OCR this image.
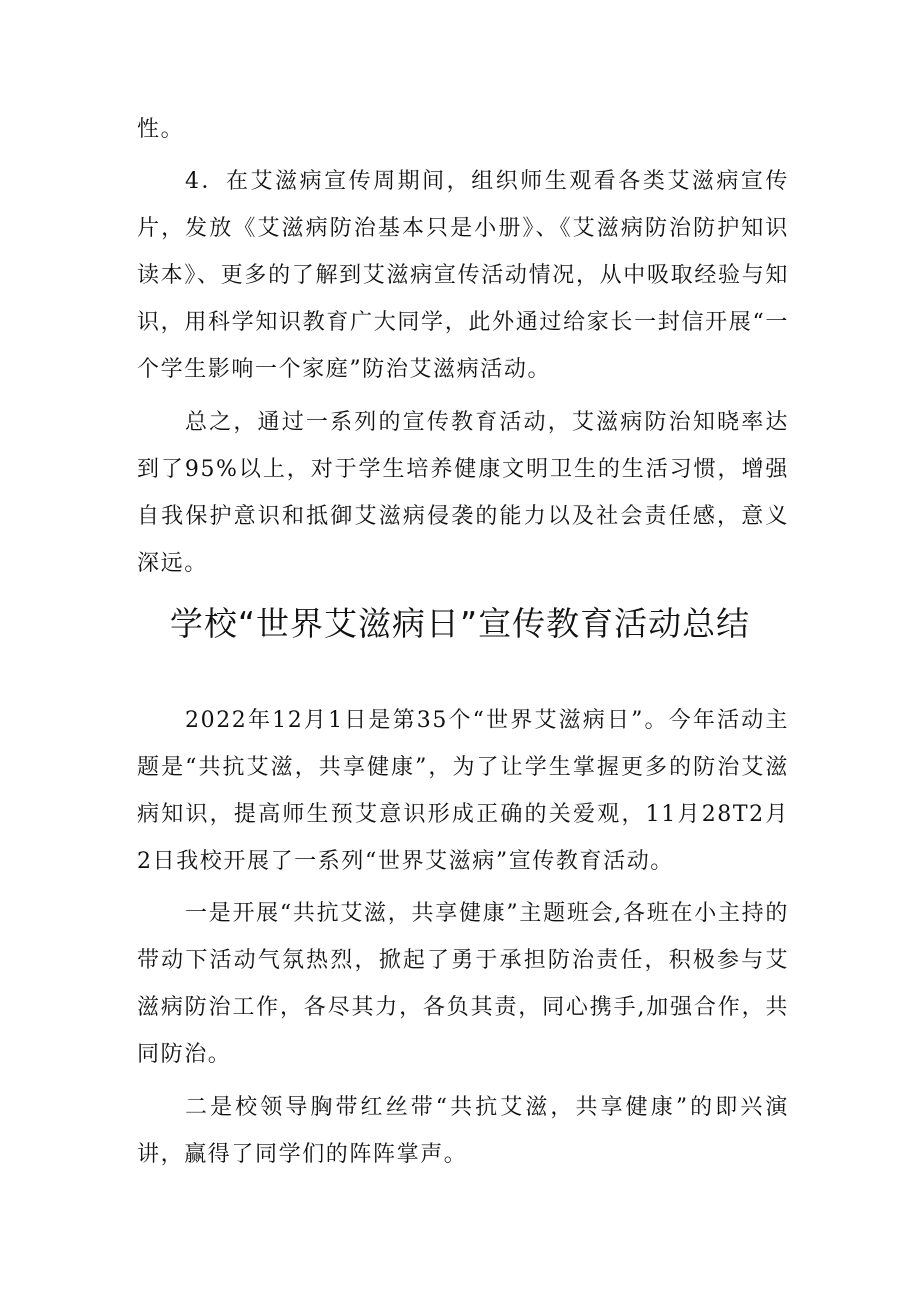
性。

4．在艾滋病宣传周期间，组织师生观看各类艾滋病宣传片，发放《艾滋病防治基本只是小册》、《艾滋病防治防护知识读本》、更多的了解到艾滋病宣传活动情况，从中吸取经验与知识，用科学知识教育广大同学，此外通过给家长一封信开展“一个学生影响一个家庭”防治艾滋病活动。

总之，通过一系列的宣传教育活动，艾滋病防治知晓率达到了95%以上，对于学生培养健康文明卫生的生活习惯，增强自我保护意识和抵御艾滋病侵袭的能力以及社会责任感，意义深远。

学校“世界艾滋病日”宣传教育活动总结

2022年12月1日是第35个“世界艾滋病日”。今年活动主题是“共抗艾滋，共享健康”，为了让学生掌握更多的防治艾滋病知识，提高师生预艾意识形成正确的关爱观，11月28T2月2日我校开展了一系列“世界艾滋病”宣传教育活动。

一是开展“共抗艾滋，共享健康”主题班会,各班在小主持的带动下活动气氛热烈，掀起了勇于承担防治责任，积极参与艾滋病防治工作，各尽其力，各负其责，同心携手,加强合作，共同防治。

二是校领导胸带红丝带“共抗艾滋，共享健康”的即兴演讲，赢得了同学们的阵阵掌声。
